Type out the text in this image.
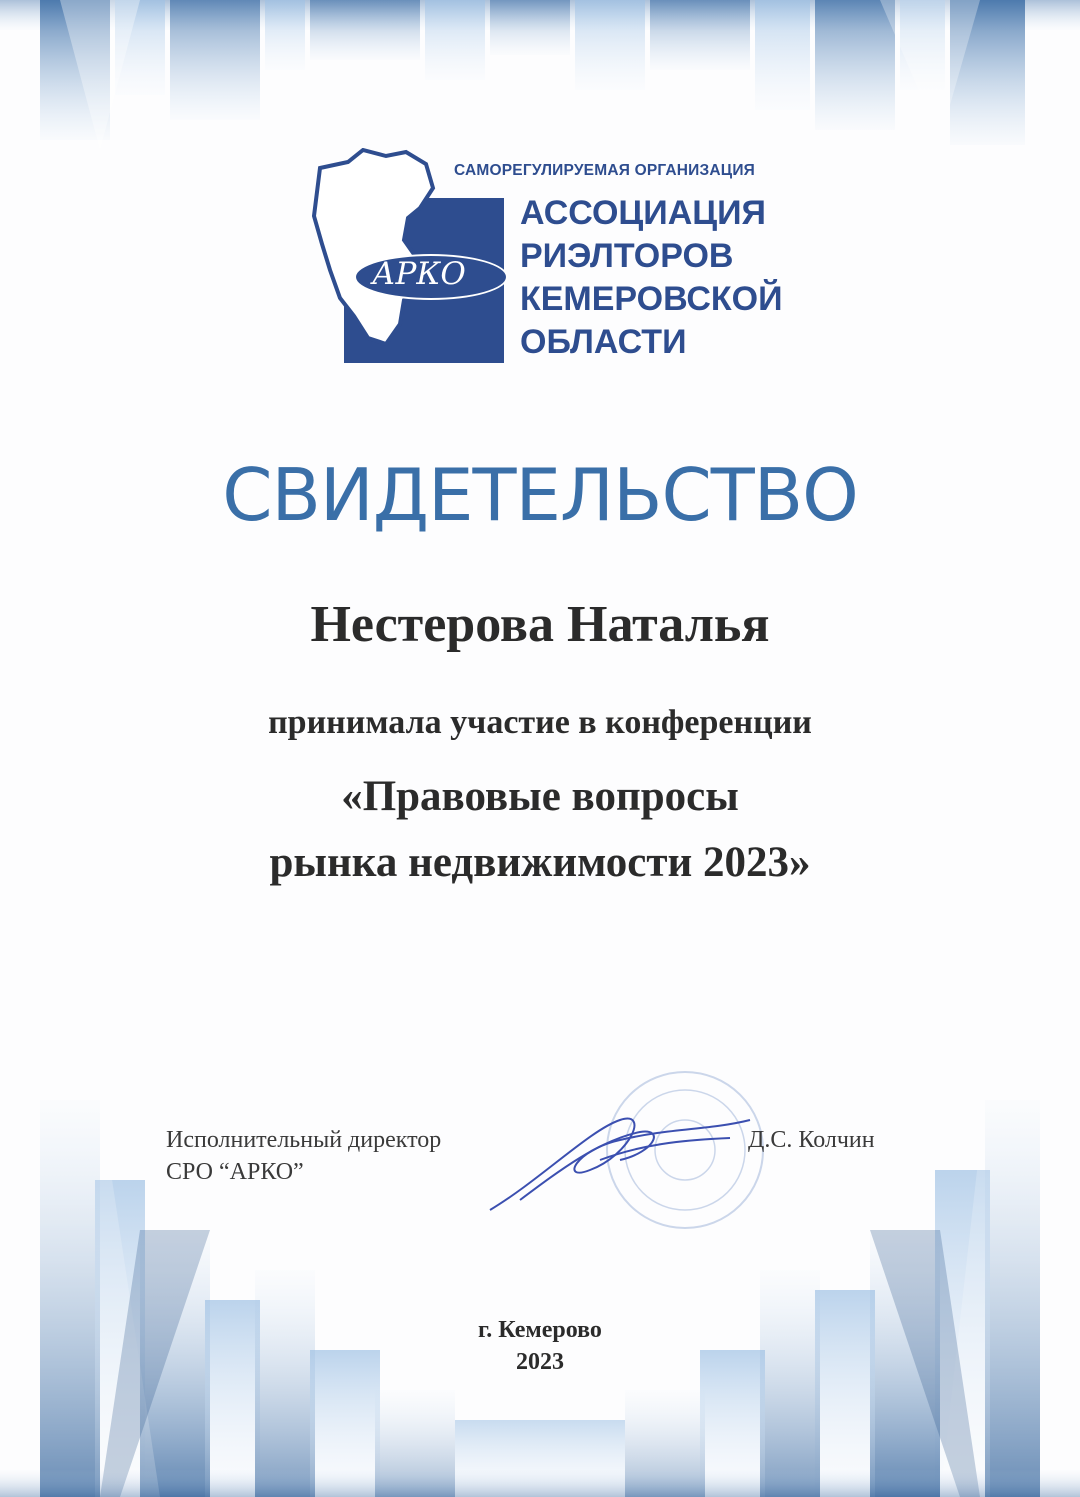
АРКО
САМОРЕГУЛИРУЕМАЯ ОРГАНИЗАЦИЯ
АССОЦИАЦИЯ
РИЭЛТОРОВ
КЕМЕРОВСКОЙ
ОБЛАСТИ
СВИДЕТЕЛЬСТВО
Нестерова Наталья
принимала участие в конференции
«Правовые вопросы
рынка недвижимости 2023»
Исполнительный директор
СРО “АРКО”
Д.С. Колчин
г. Кемерово
2023
